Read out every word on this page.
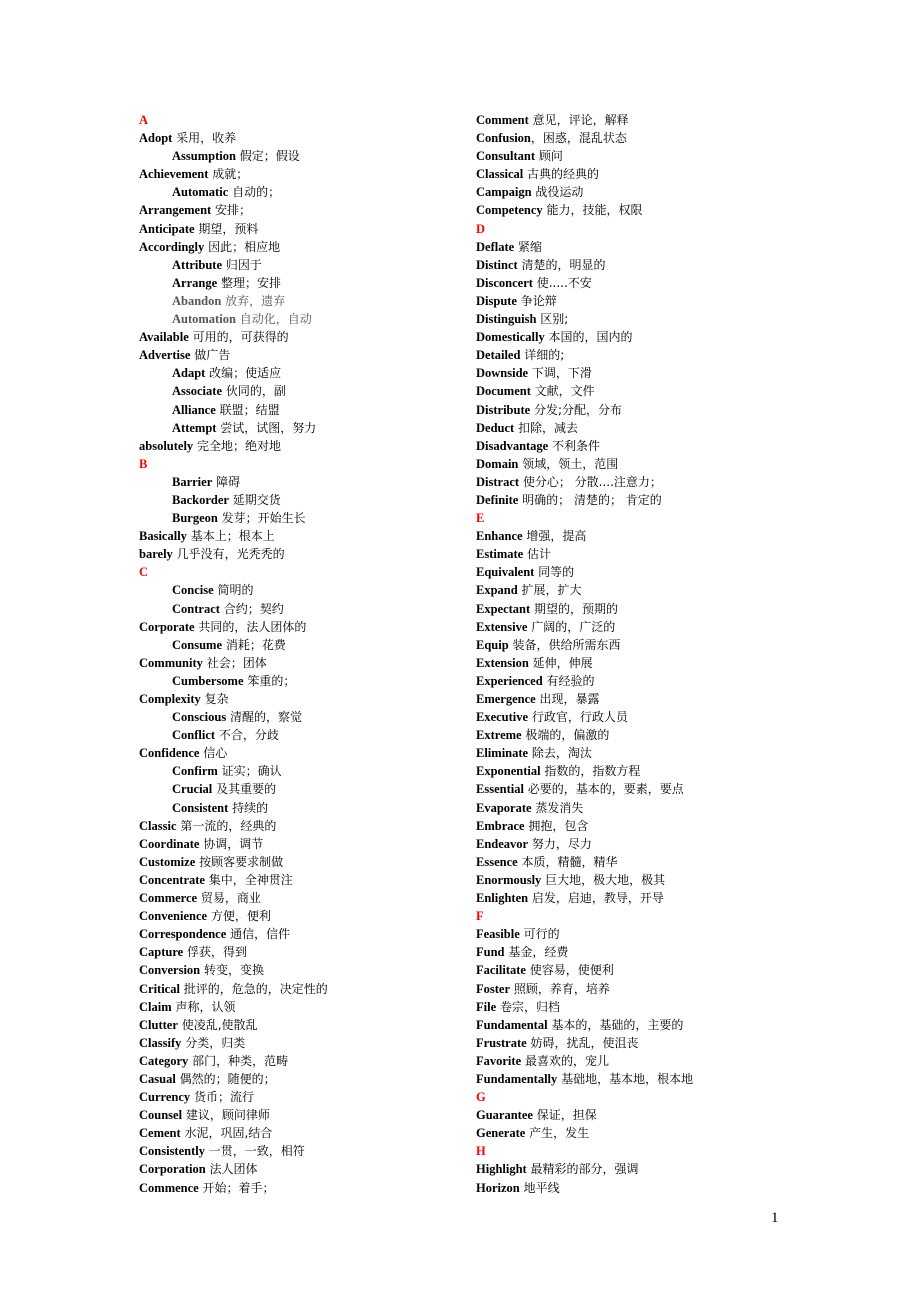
A
Adopt 采用，收养
Assumption 假定；假设
Achievement 成就；
Automatic 自动的；
Arrangement 安排；
Anticipate 期望，预料
Accordingly 因此；相应地
Attribute 归因于
Arrange 整理；安排
Abandon 放弃，遗弃
Automation 自动化，自动
Available 可用的，可获得的
Advertise 做广告
Adapt 改编；使适应
Associate 伙同的，副
Alliance 联盟；结盟
Attempt 尝试，试图，努力
absolutely 完全地；绝对地
B
Barrier 障碍
Backorder 延期交货
Burgeon 发芽；开始生长
Basically 基本上；根本上
barely 几乎没有，光秃秃的
C
Concise 简明的
Contract 合约；契约
Corporate 共同的，法人团体的
Consume 消耗；花费
Community 社会；团体
Cumbersome 笨重的；
Complexity 复杂
Conscious 清醒的，察觉
Conflict 不合，分歧
Confidence 信心
Confirm 证实；确认
Crucial 及其重要的
Consistent 持续的
Classic 第一流的，经典的
Coordinate 协调，调节
Customize 按顾客要求制做
Concentrate 集中，全神贯注
Commerce 贸易，商业
Convenience 方便，便利
Correspondence 通信，信件
Capture 俘获，得到
Conversion 转变，变换
Critical 批评的，危急的，决定性的
Claim 声称，认领
Clutter 使凌乱,使散乱
Classify 分类，归类
Category 部门，种类，范畴
Casual 偶然的；随便的；
Currency 货币；流行
Counsel 建议，顾问律师
Cement 水泥，巩固,结合
Consistently 一贯，一致，相符
Corporation 法人团体
Commence 开始；着手；
Comment 意见，评论，解释
Confusion，困惑，混乱状态
Consultant 顾问
Classical 古典的经典的
Campaign 战役运动
Competency 能力，技能，权限
D
Deflate 紧缩
Distinct 清楚的，明显的
Disconcert 使.....不安
Dispute 争论辩
Distinguish 区别;
Domestically 本国的，国内的
Detailed 详细的;
Downside 下调，下滑
Document 文献，文件
Distribute 分发;分配，分布
Deduct 扣除，减去
Disadvantage 不利条件
Domain 领域，领土，范围
Distract 使分心； 分散....注意力；
Definite 明确的； 清楚的； 肯定的
E
Enhance 增强，提高
Estimate 估计
Equivalent 同等的
Expand 扩展，扩大
Expectant 期望的，预期的
Extensive 广阔的，广泛的
Equip 装备，供给所需东西
Extension 延伸，伸展
Experienced 有经验的
Emergence 出现，暴露
Executive 行政官，行政人员
Extreme 极端的，偏激的
Eliminate 除去，淘汰
Exponential 指数的，指数方程
Essential 必要的，基本的，要素，要点
Evaporate 蒸发消失
Embrace 拥抱，包含
Endeavor 努力，尽力
Essence 本质，精髓，精华
Enormously 巨大地，极大地，极其
Enlighten 启发，启迪，教导，开导
F
Feasible 可行的
Fund 基金，经费
Facilitate 使容易，使便利
Foster 照顾，养育，培养
File 卷宗，归档
Fundamental 基本的，基础的，主要的
Frustrate 妨碍，扰乱，使沮丧
Favorite 最喜欢的，宠儿
Fundamentally 基础地，基本地，根本地
G
Guarantee 保证，担保
Generate 产生，发生
H
Highlight 最精彩的部分，强调
Horizon 地平线
1
